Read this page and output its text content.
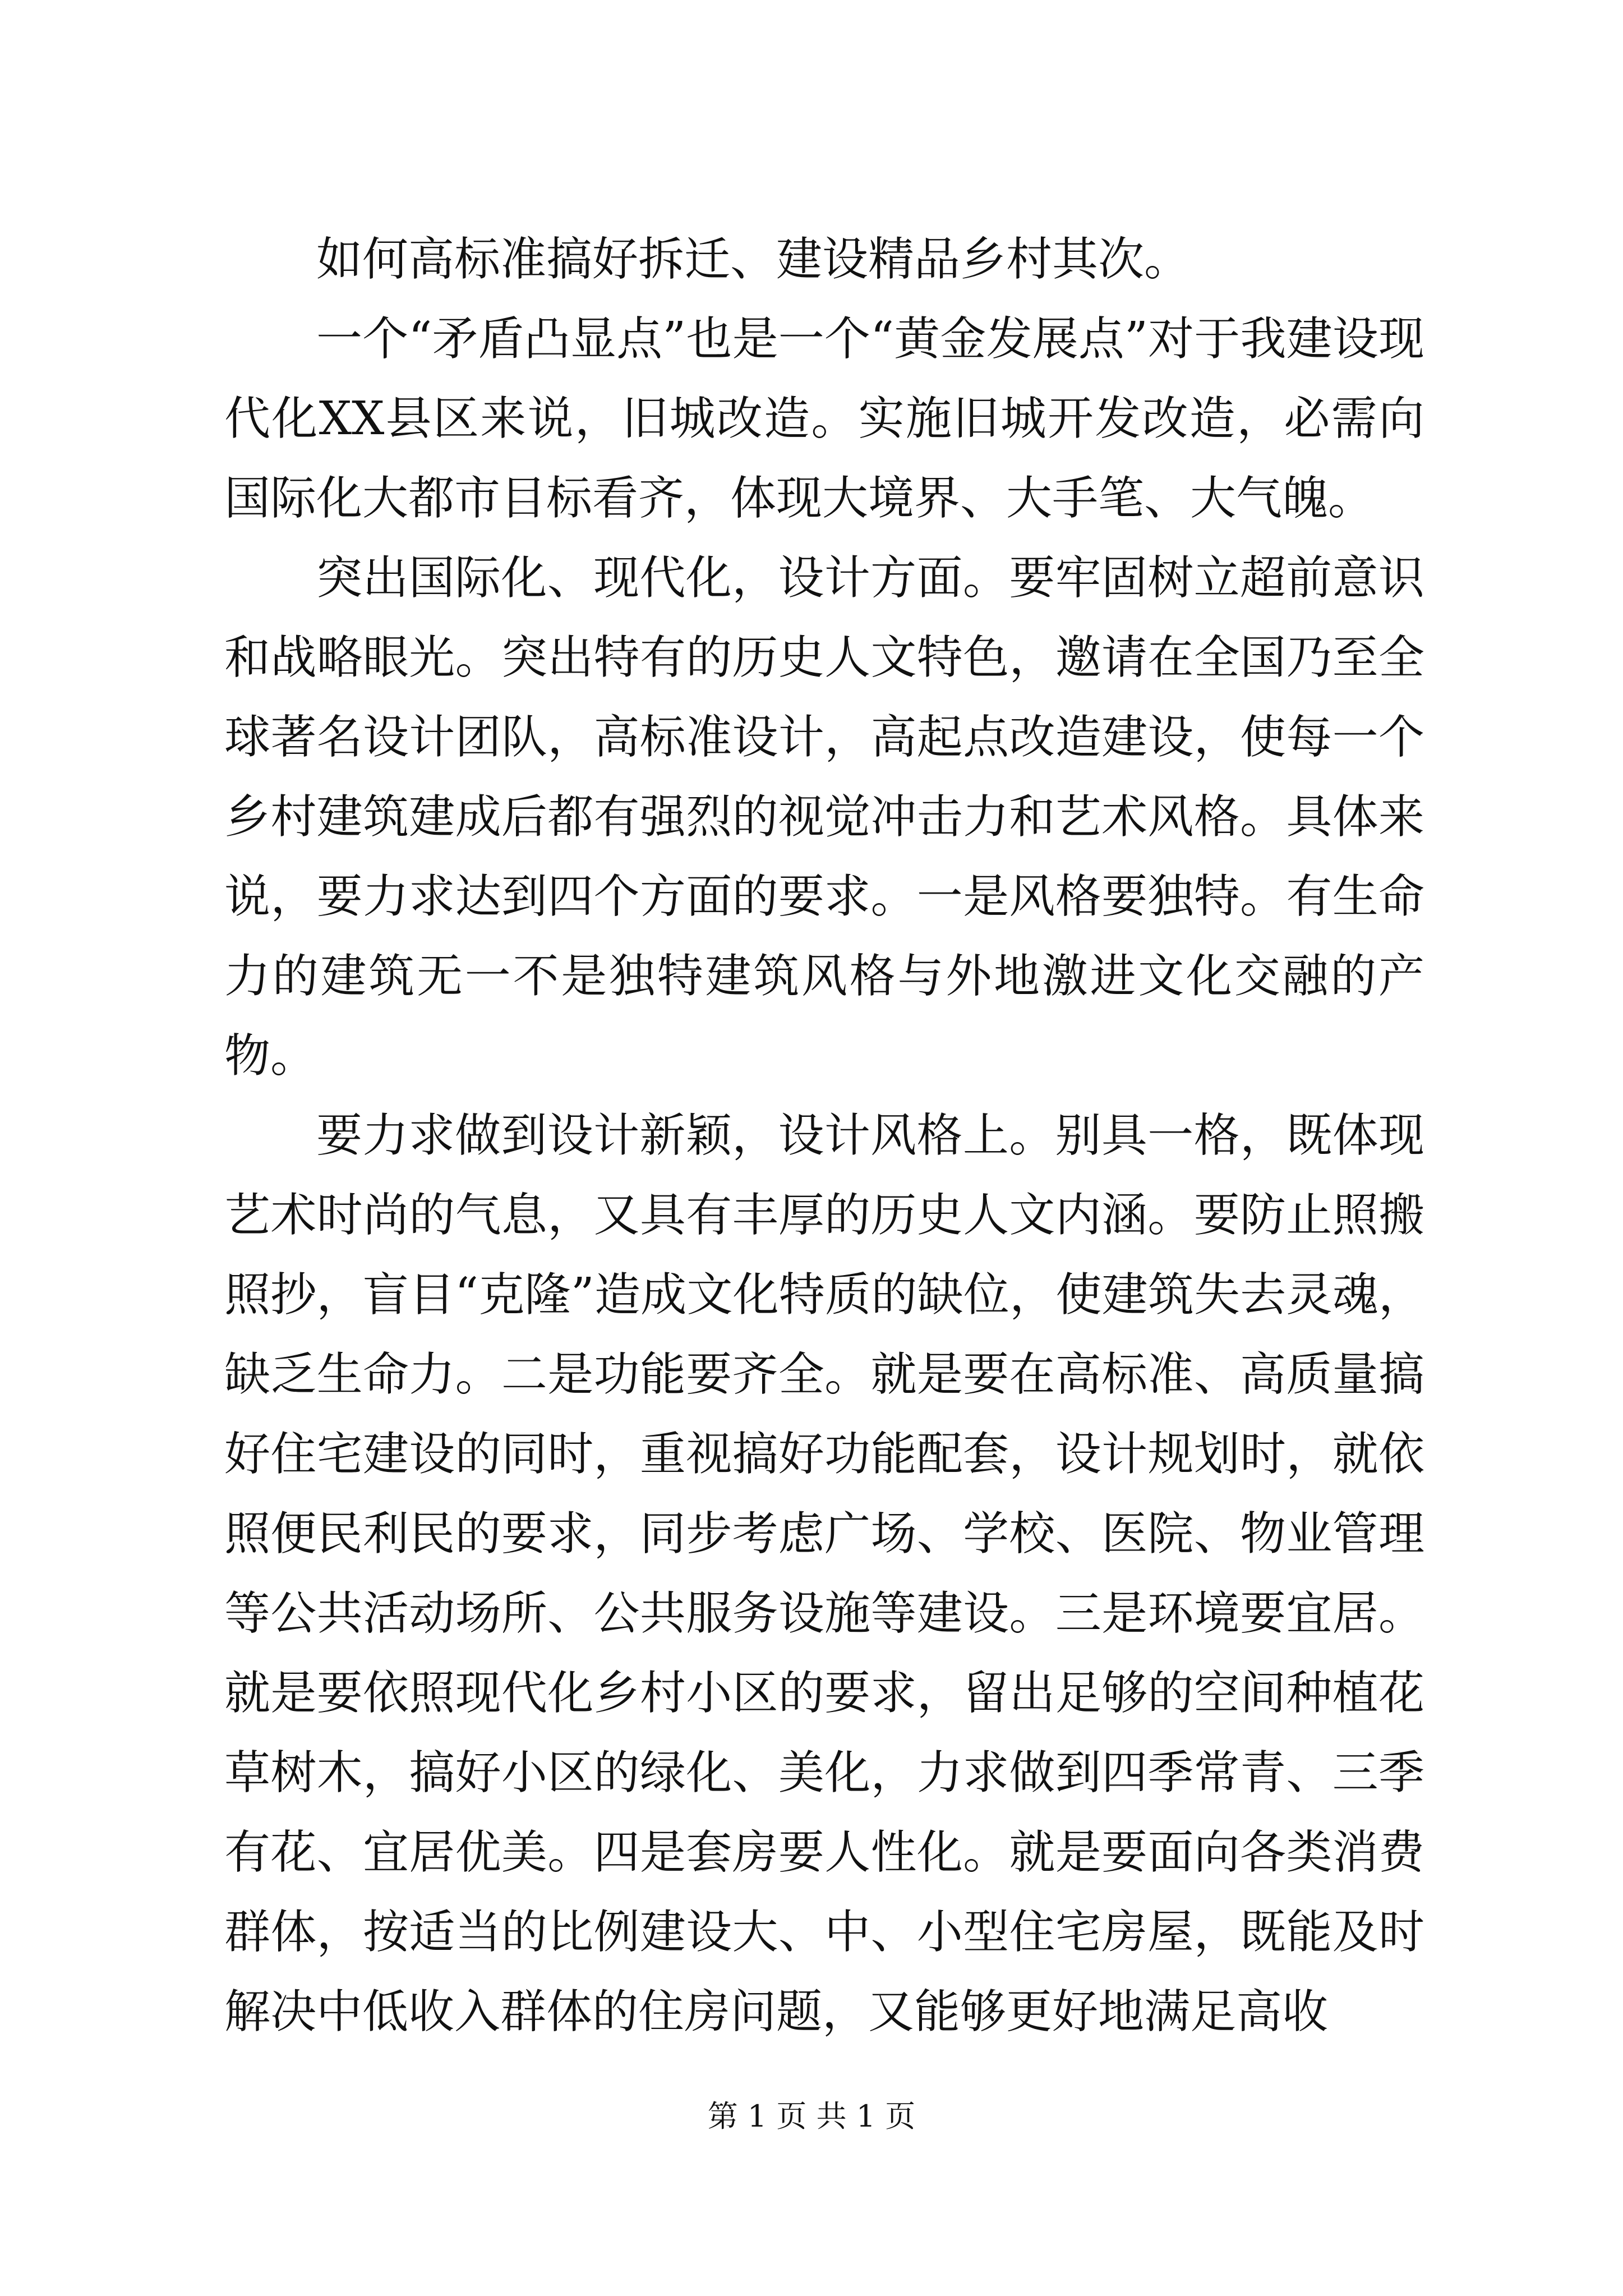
如何高标准搞好拆迁、建设精品乡村其次。

一个“矛盾凸显点”也是一个“黄金发展点”对于我建设现代化XX县区来说，旧城改造。实施旧城开发改造，必需向国际化大都市目标看齐，体现大境界、大手笔、大气魄。

突出国际化、现代化，设计方面。要牢固树立超前意识和战略眼光。突出特有的历史人文特色，邀请在全国乃至全球著名设计团队，高标准设计，高起点改造建设，使每一个乡村建筑建成后都有强烈的视觉冲击力和艺术风格。具体来说，要力求达到四个方面的要求。一是风格要独特。有生命力的建筑无一不是独特建筑风格与外地激进文化交融的产物。

要力求做到设计新颖，设计风格上。别具一格，既体现艺术时尚的气息，又具有丰厚的历史人文内涵。要防止照搬照抄，盲目“克隆”造成文化特质的缺位，使建筑失去灵魂，缺乏生命力。二是功能要齐全。就是要在高标准、高质量搞好住宅建设的同时，重视搞好功能配套，设计规划时，就依照便民利民的要求，同步考虑广场、学校、医院、物业管理等公共活动场所、公共服务设施等建设。三是环境要宜居。就是要依照现代化乡村小区的要求，留出足够的空间种植花草树木，搞好小区的绿化、美化，力求做到四季常青、三季有花、宜居优美。四是套房要人性化。就是要面向各类消费群体，按适当的比例建设大、中、小型住宅房屋，既能及时解决中低收入群体的住房问题，又能够更好地满足高收

第 1 页 共 1 页
